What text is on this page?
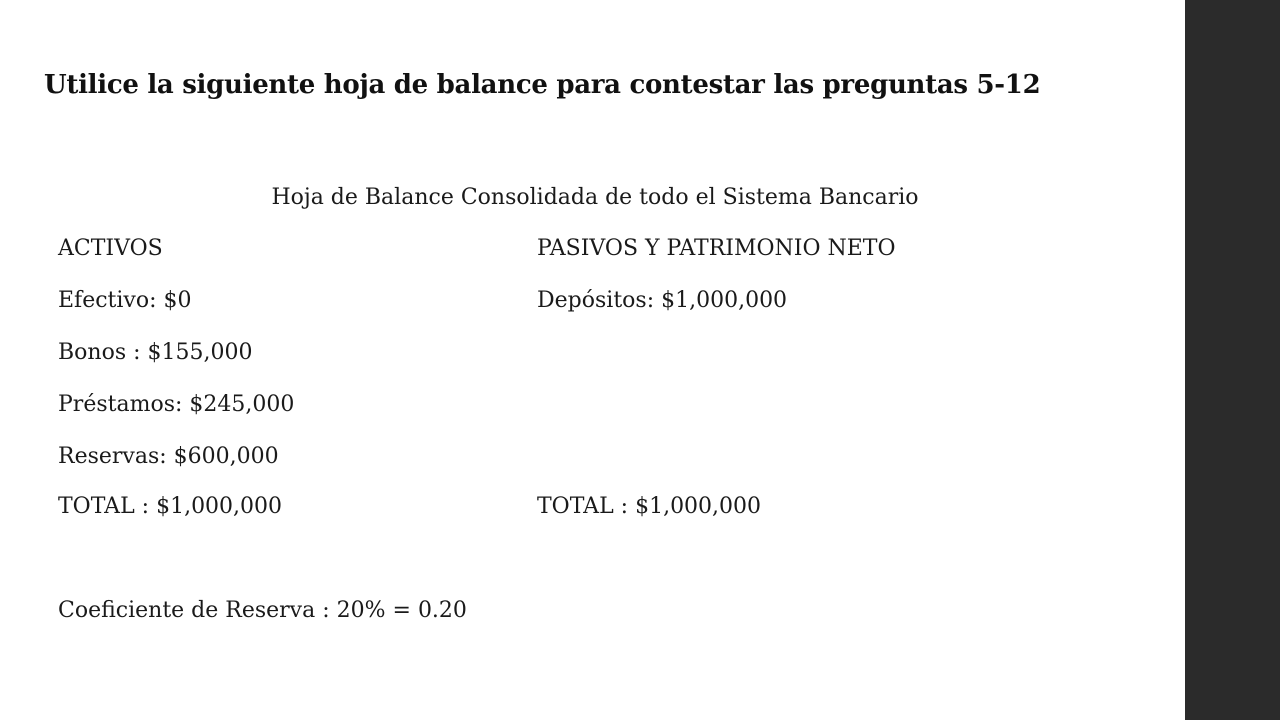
Utilice la siguiente hoja de balance para contestar las preguntas 5-12
Hoja de Balance Consolidada de todo el Sistema Bancario
ACTIVOS	PASIVOS Y PATRIMONIO NETO
Efectivo: $0	Depósitos: $1,000,000
Bonos : $155,000
Préstamos: $245,000
Reservas: $600,000
TOTAL : $1,000,000	TOTAL : $1,000,000
Coeficiente de Reserva : 20% = 0.20
